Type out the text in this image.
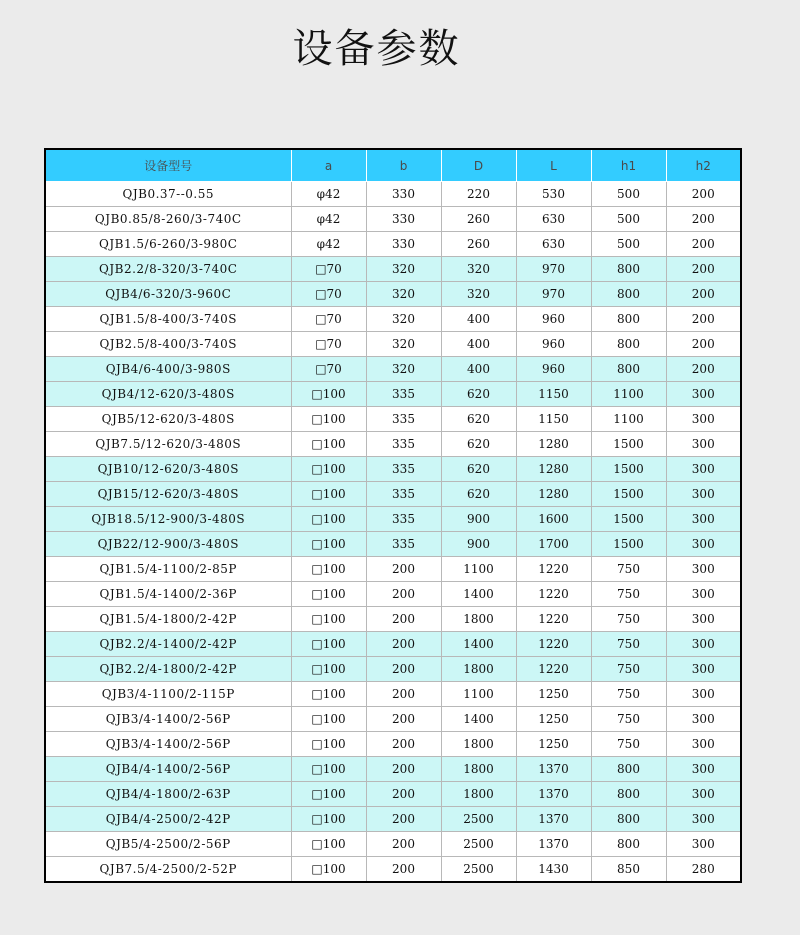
设备参数
设备型号	a	b	D	L	h1	h2
QJB0.37--0.55	φ42	330	220	530	500	200
QJB0.85/8-260/3-740C	φ42	330	260	630	500	200
QJB1.5/6-260/3-980C	φ42	330	260	630	500	200
QJB2.2/8-320/3-740C	□70	320	320	970	800	200
QJB4/6-320/3-960C	□70	320	320	970	800	200
QJB1.5/8-400/3-740S	□70	320	400	960	800	200
QJB2.5/8-400/3-740S	□70	320	400	960	800	200
QJB4/6-400/3-980S	□70	320	400	960	800	200
QJB4/12-620/3-480S	□100	335	620	1150	1100	300
QJB5/12-620/3-480S	□100	335	620	1150	1100	300
QJB7.5/12-620/3-480S	□100	335	620	1280	1500	300
QJB10/12-620/3-480S	□100	335	620	1280	1500	300
QJB15/12-620/3-480S	□100	335	620	1280	1500	300
QJB18.5/12-900/3-480S	□100	335	900	1600	1500	300
QJB22/12-900/3-480S	□100	335	900	1700	1500	300
QJB1.5/4-1100/2-85P	□100	200	1100	1220	750	300
QJB1.5/4-1400/2-36P	□100	200	1400	1220	750	300
QJB1.5/4-1800/2-42P	□100	200	1800	1220	750	300
QJB2.2/4-1400/2-42P	□100	200	1400	1220	750	300
QJB2.2/4-1800/2-42P	□100	200	1800	1220	750	300
QJB3/4-1100/2-115P	□100	200	1100	1250	750	300
QJB3/4-1400/2-56P	□100	200	1400	1250	750	300
QJB3/4-1400/2-56P	□100	200	1800	1250	750	300
QJB4/4-1400/2-56P	□100	200	1800	1370	800	300
QJB4/4-1800/2-63P	□100	200	1800	1370	800	300
QJB4/4-2500/2-42P	□100	200	2500	1370	800	300
QJB5/4-2500/2-56P	□100	200	2500	1370	800	300
QJB7.5/4-2500/2-52P	□100	200	2500	1430	850	280
